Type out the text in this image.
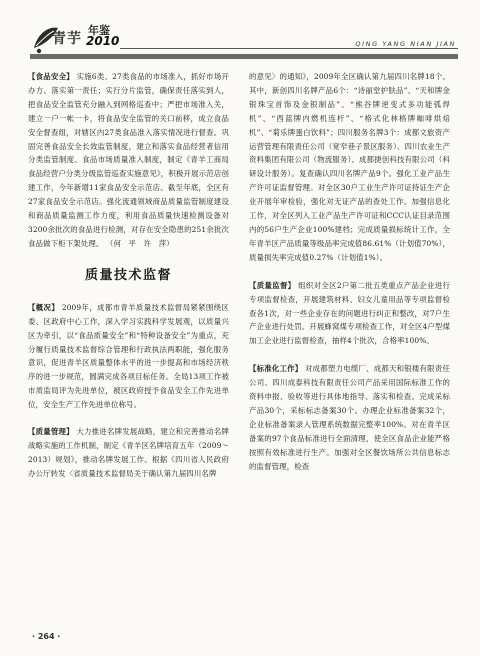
青芋
年鉴
2010	QING YANG NIAN JIAN

【食品安全】 实施6类、27类食品的市场准入，抓好市场开办方、落实第一责任；实行分片监管，确保责任落实到人，把食品安全监管充分融入到网格巡查中；严把市场准入关，建立一户一帐一卡，将食品安全监管的关口前移，成立食品安全督查组，对辖区内27类食品准入落实情况进行督查。巩固完善食品安全长效监管制度，建立和落实食品经营者信用分类监管制度、食品市场质量准入制度，制定《青羊工商局食品经营户分类分级监管巡查实施意见》，积极开展示范店创建工作，今年新增11家食品安全示范店。截至年底，全区有27家食品安全示范店。强化流通领域商品质量监管制度建设和商品质量监测工作力度，利用食品质量快速检测设备对3200余批次的食品进行检测，对存在安全隐患的251余批次食品做下柜下架处理。 （何　平　许　萍）

质量技术监督

【概况】 2009年，成都市青羊质量技术监督局紧紧围绕区委、区政府中心工作，深入学习实践科学发展观，以质量兴区为牵引，以“食品质量安全”和“特种设备安全”为重点，充分履行质量技术监督综合管理和行政执法两职能，强化服务意识，促进青羊区质量整体水平的进一步提高和市场经济秩序的进一步规范，圆满完成各项目标任务。全局13项工作被市质监局评为先进单位，被区政府授予食品安全工作先进单位，安全生产工作先进单位称号。

【质量管理】 大力推进名牌发展战略，建立和完善推动名牌战略实施的工作机制，制定《青羊区名牌培育五年（2009～2013）规划》，推动名牌发展工作。根据《四川省人民政府办公厅转发〈省质量技术监督局关于确认第九届四川名牌

的意见〉的通知》，2009年全区确认第九届四川名牌18个。其中，新创四川名牌产品6个：“诗丽堂护肤品”、“天和牌金银珠宝首饰及金银制品”、“熊谷牌逆变式多功能弧焊机”、“西蓝牌内燃机连杆”、“格式化林格牌咖啡烘焙机”、“菊乐牌蛋白饮料”；四川服务名牌3个：成都文旅资产运营管理有限责任公司（宽窄巷子景区服务）、四川农业生产资料集团有限公司（物流服务）、成都捷创科技有限公司（科研设计服务）。复查确认四川名牌产品9个。强化工业产品生产许可证监督管理。对全区30户工业生产许可证持证生产企业开展年审检验，强化对无证产品的查处工作。加强信息化工作，对全区列入工业产品生产许可证和CCC认证目录范围内的56户生产企业100%建档；完成质量损标统计工作，全年青羊区产品质量等级品率完成值86.61%（计划值70%），质量损失率完成值0.27%（计划值1%）。

【质量监督】 组织对全区2户第二批五类重点产品企业进行专项监督检查，开展建筑材料、妇女儿童用品等专项监督检查各1次，对一些企业存在的问题进行纠正和整改，对7户生产企业进行处罚。开展蜂窝煤专项检查工作，对全区4户型煤加工企业进行监督检查，抽样4个批次，合格率100%。

【标准化工作】 对成都塑力电缆厂、成都天和银楼有限责任公司、四川成泰科技有限责任公司产品采用国际标准工作的资料申报、验收等进行具体地指导、落实和检查。完成采标产品30个，采标标志备案30个。办理企业标准备案32个，企业标准备案录入管理系统数据完整率100%。对在青羊区备案的97个食品标准进行全面清理，使全区食品企业能严格按照有效标准进行生产。加强对全区餐饮场所公共信息标志的监督管理，检查

· 264 ·
